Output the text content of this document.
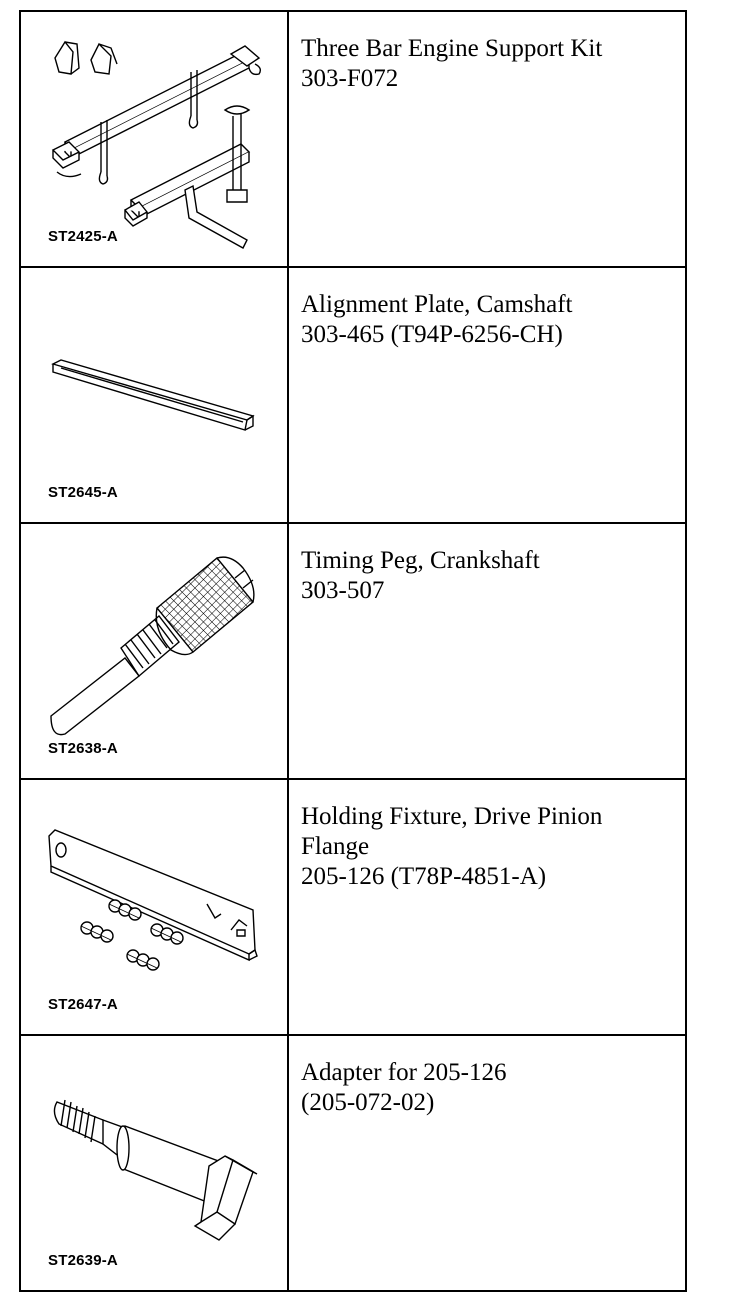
ST2425-A	Three Bar Engine Support Kit
303-F072

ST2645-A	Alignment Plate, Camshaft
303-465 (T94P-6256-CH)

ST2638-A	Timing Peg, Crankshaft
303-507

ST2647-A	Holding Fixture, Drive Pinion
Flange
205-126 (T78P-4851-A)

ST2639-A	Adapter for 205-126
(205-072-02)
